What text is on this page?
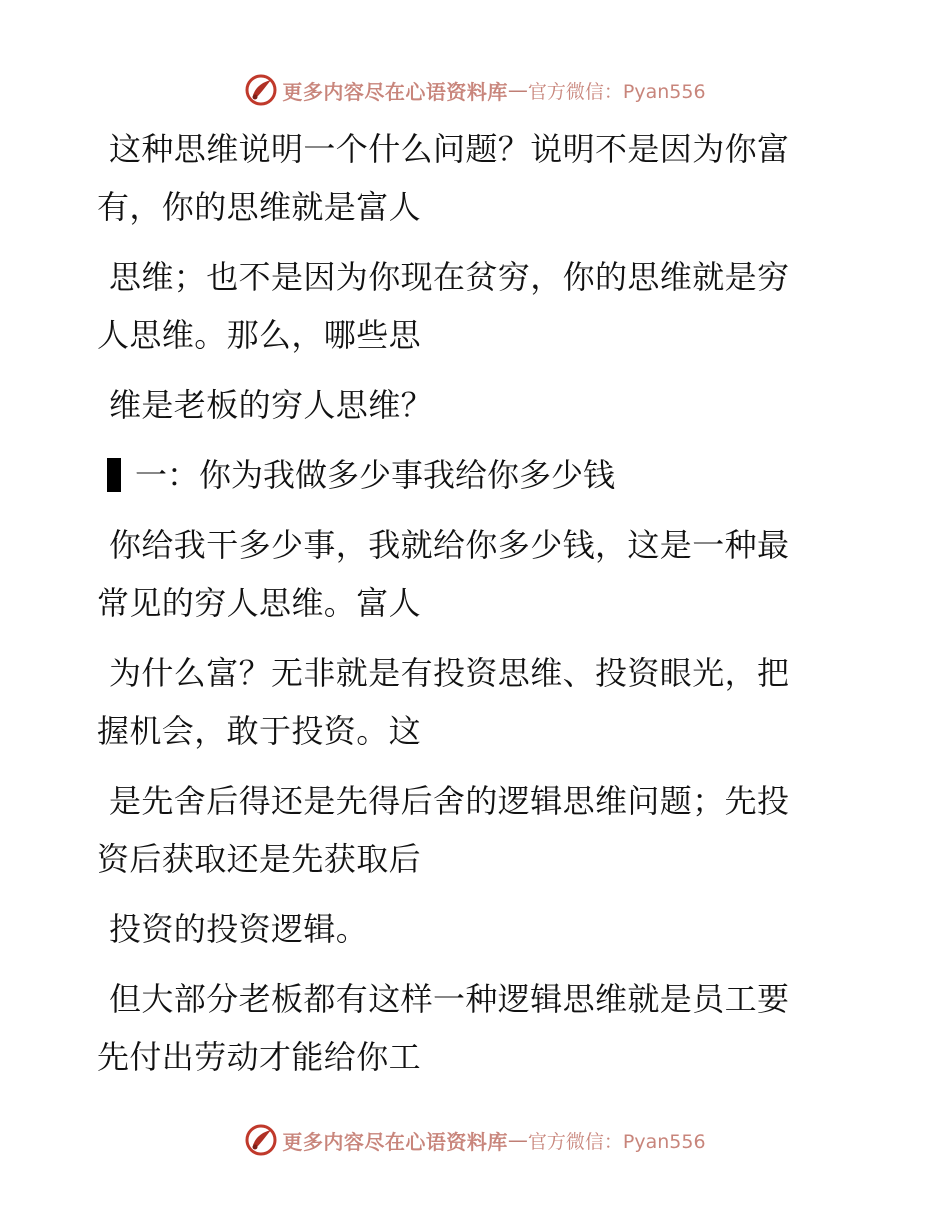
更多内容尽在心语资料库 — 官方微信：Pyan556
这种思维说明一个什么问题？说明不是因为你富
有，你的思维就是富人
思维；也不是因为你现在贫穷，你的思维就是穷
人思维。那么，哪些思
维是老板的穷人思维？
一：你为我做多少事我给你多少钱
你给我干多少事，我就给你多少钱，这是一种最
常见的穷人思维。富人
为什么富？无非就是有投资思维、投资眼光，把
握机会，敢于投资。这
是先舍后得还是先得后舍的逻辑思维问题；先投
资后获取还是先获取后
投资的投资逻辑。
但大部分老板都有这样一种逻辑思维就是员工要
先付出劳动才能给你工
更多内容尽在心语资料库 — 官方微信：Pyan556
